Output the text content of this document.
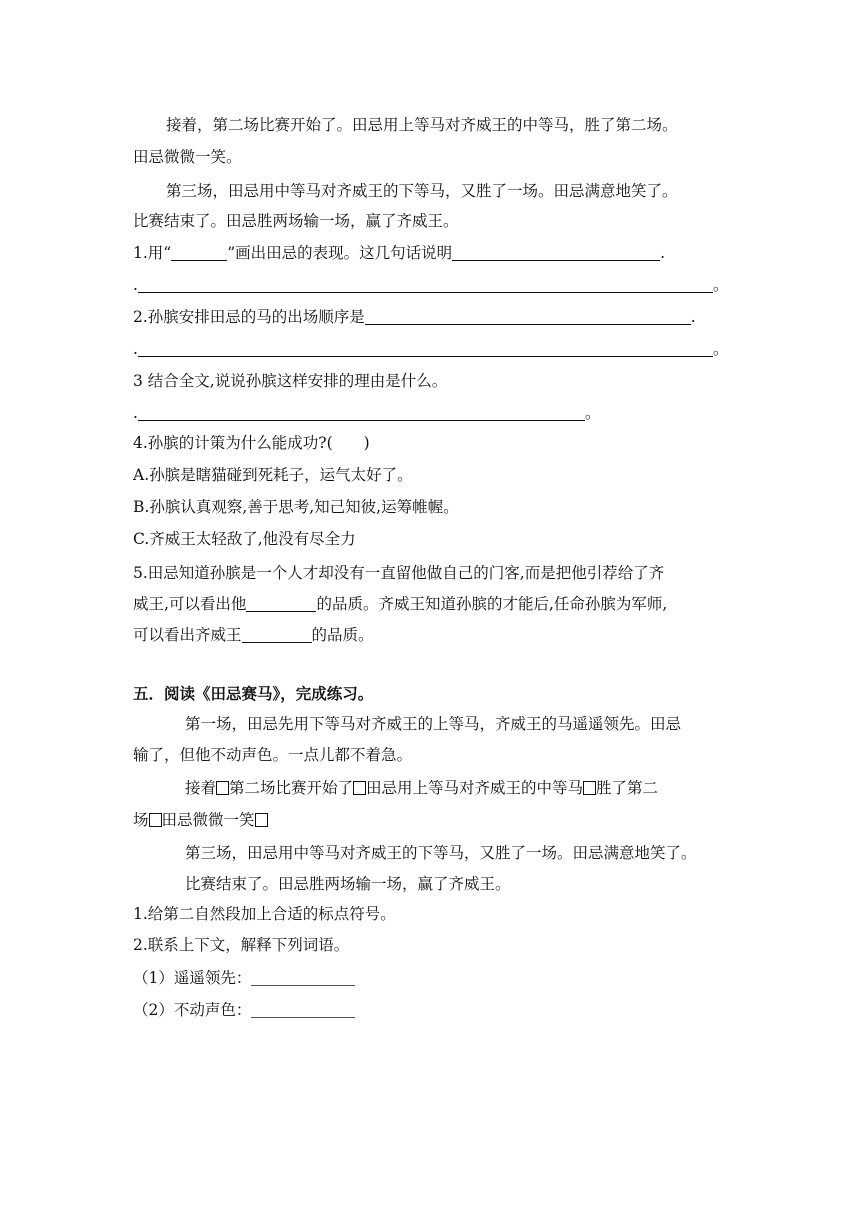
接着，第二场比赛开始了。田忌用上等马对齐威王的中等马，胜了第二场。
田忌微微一笑。
第三场，田忌用中等马对齐威王的下等马，又胜了一场。田忌满意地笑了。
比赛结束了。田忌胜两场输一场，赢了齐威王。
1.用“	”画出田忌的表现。这几句话说明	.
.	。
2.孙膑安排田忌的马的出场顺序是	.
.	。
3 结合全文,说说孙膑这样安排的理由是什么。
.	。
4.孙膑的计策为什么能成功?(　　)
A.孙膑是瞎猫碰到死耗子，运气太好了。
B.孙膑认真观察,善于思考,知己知彼,运筹帷幄。
C.齐威王太轻敌了,他没有尽全力
5.田忌知道孙膑是一个人才却没有一直留他做自己的门客,而是把他引荐给了齐
威王,可以看出他	的品质。齐威王知道孙膑的才能后,任命孙膑为军师,
可以看出齐威王	的品质。
五．阅读《田忌赛马》，完成练习。
第一场，田忌先用下等马对齐威王的上等马，齐威王的马遥遥领先。田忌
输了，但他不动声色。一点儿都不着急。
接着 第二场比赛开始了 田忌用上等马对齐威王的中等马 胜了第二
场 田忌微微一笑
第三场，田忌用中等马对齐威王的下等马，又胜了一场。田忌满意地笑了。
比赛结束了。田忌胜两场输一场，赢了齐威王。
1.给第二自然段加上合适的标点符号。
2.联系上下文，解释下列词语。
（1）遥遥领先：
（2）不动声色：
